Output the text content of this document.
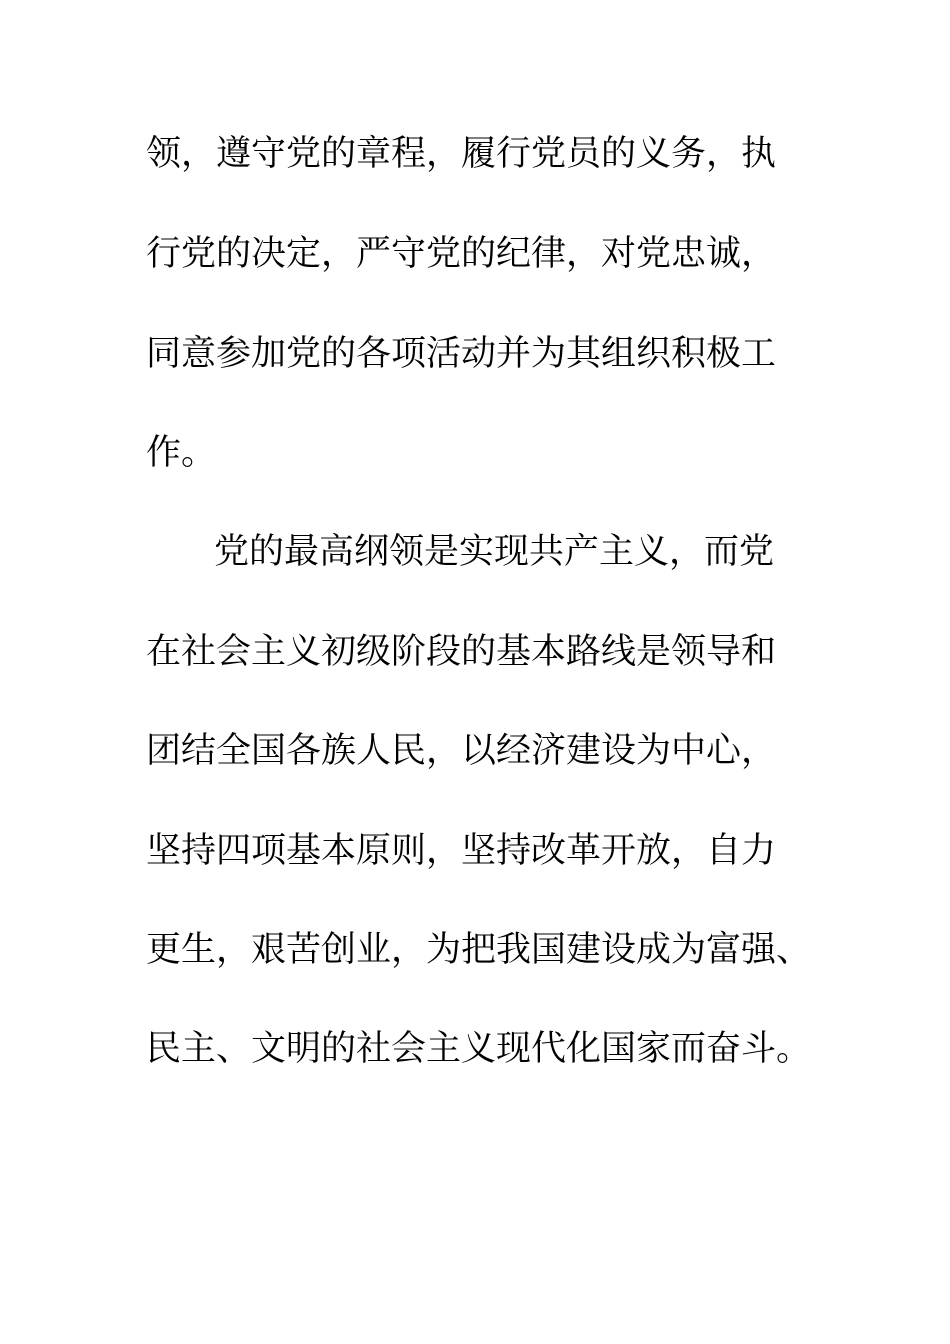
领，遵守党的章程，履行党员的义务，执
行党的决定，严守党的纪律，对党忠诚，
同意参加党的各项活动并为其组织积极工
作。
党的最高纲领是实现共产主义，而党
在社会主义初级阶段的基本路线是领导和
团结全国各族人民，以经济建设为中心，
坚持四项基本原则，坚持改革开放，自力
更生，艰苦创业，为把我国建设成为富强、
民主、文明的社会主义现代化国家而奋斗。
